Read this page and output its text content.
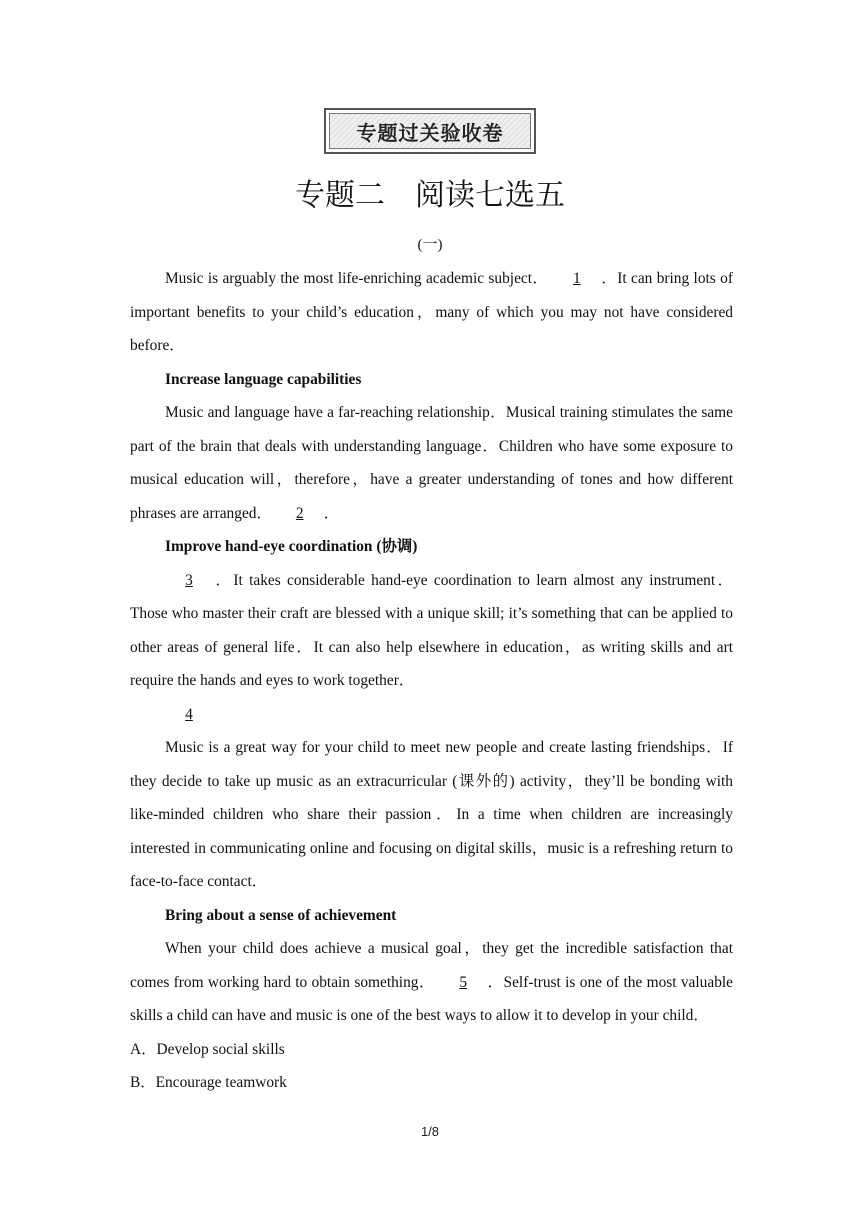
专题过关验收卷
专题二 阅读七选五
(一)

Music is arguably the most life-enriching academic subject． 1 ．It can bring lots of important benefits to your child’s education，many of which you may not have considered before．

Increase language capabilities

Music and language have a far-reaching relationship．Musical training stimulates the same part of the brain that deals with understanding language．Children who have some exposure to musical education will，therefore，have a greater understanding of tones and how different phrases are arranged． 2 ．

Improve hand-eye coordination (协调)

3 ．It takes considerable hand-eye coordination to learn almost any instrument． Those who master their craft are blessed with a unique skill; it’s something that can be applied to other areas of general life．It can also help elsewhere in education，as writing skills and art require the hands and eyes to work together．

4

Music is a great way for your child to meet new people and create lasting friendships．If they decide to take up music as an extracurricular (课外的) activity，they’ll be bonding with like-minded children who share their passion．In a time when children are increasingly interested in communicating online and focusing on digital skills，music is a refreshing return to face-to-face contact．

Bring about a sense of achievement

When your child does achieve a musical goal，they get the incredible satisfaction that comes from working hard to obtain something． 5 ．Self-trust is one of the most valuable skills a child can have and music is one of the best ways to allow it to develop in your child．

A．Develop social skills

B．Encourage teamwork

1/8
